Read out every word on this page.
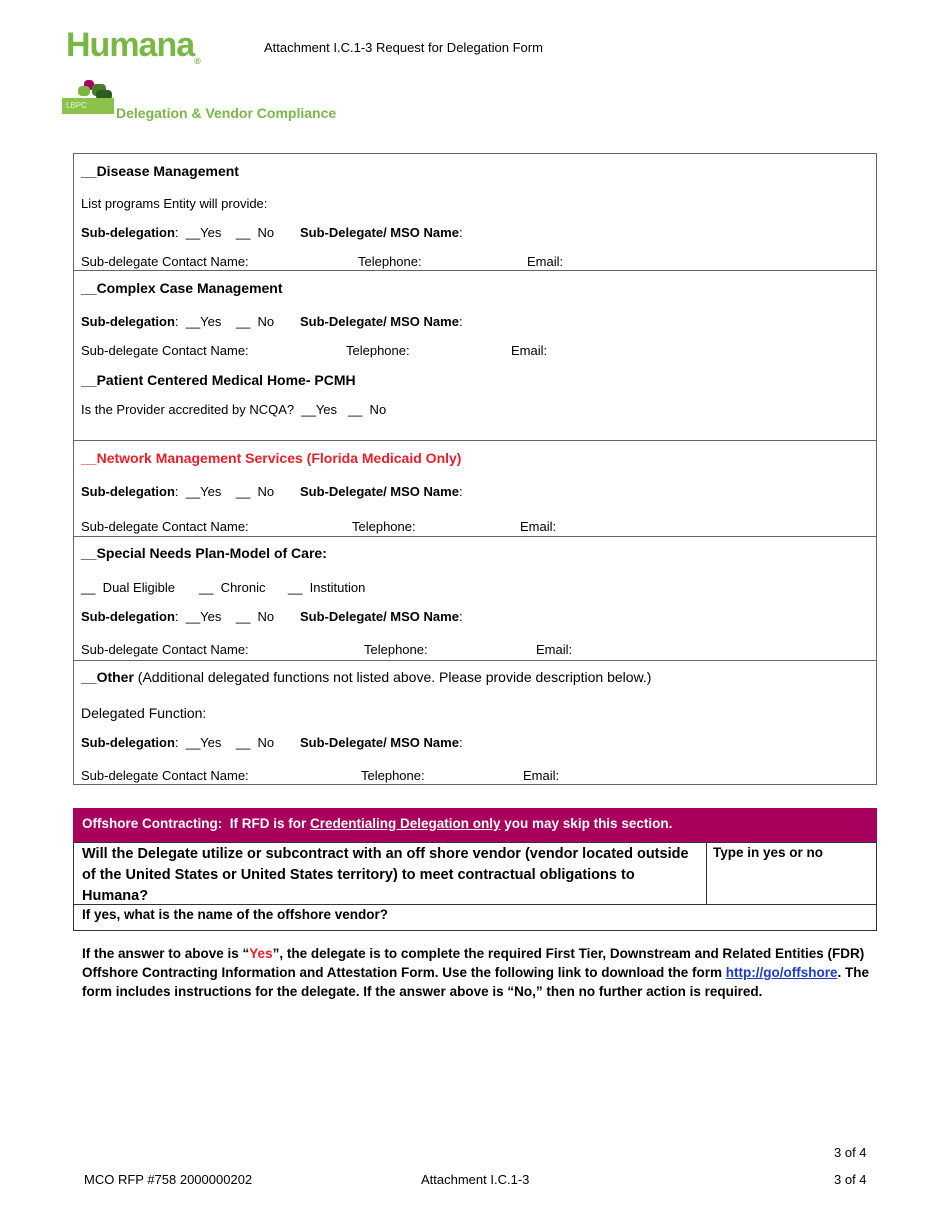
Humana®
Attachment I.C.1-3 Request for Delegation Form
LBPC	Delegation & Vendor Compliance
__Disease Management
List programs Entity will provide:
Sub-delegation:  __Yes    __  No Sub-Delegate/ MSO Name:
Sub-delegate Contact Name:	Telephone:	Email:
__Complex Case Management
Sub-delegation:  __Yes    __  No Sub-Delegate/ MSO Name:
Sub-delegate Contact Name:	Telephone:	Email:
__Patient Centered Medical Home- PCMH
Is the Provider accredited by NCQA?  __Yes   __  No
__Network Management Services (Florida Medicaid Only)
Sub-delegation:  __Yes    __  No Sub-Delegate/ MSO Name:
Sub-delegate Contact Name:	Telephone:	Email:
__Special Needs Plan-Model of Care:
__  Dual Eligible __  Chronic __  Institution
Sub-delegation:  __Yes    __  No Sub-Delegate/ MSO Name:
Sub-delegate Contact Name:	Telephone:	Email:
__Other (Additional delegated functions not listed above. Please provide description below.)
Delegated Function:
Sub-delegation:  __Yes    __  No Sub-Delegate/ MSO Name:
Sub-delegate Contact Name:	Telephone:	Email:
Offshore Contracting:  If RFD is for Credentialing Delegation only you may skip this section.
Will the Delegate utilize or subcontract with an off shore vendor (vendor located outside of the United States or United States territory) to meet contractual obligations to Humana?
Type in yes or no
If yes, what is the name of the offshore vendor?
If the answer to above is “Yes”, the delegate is to complete the required First Tier, Downstream and Related Entities (FDR) Offshore Contracting Information and Attestation Form. Use the following link to download the form http://go/offshore. The form includes instructions for the delegate. If the answer above is “No,” then no further action is required.
3 of 4
MCO RFP #758 2000000202	Attachment I.C.1-3	3 of 4
